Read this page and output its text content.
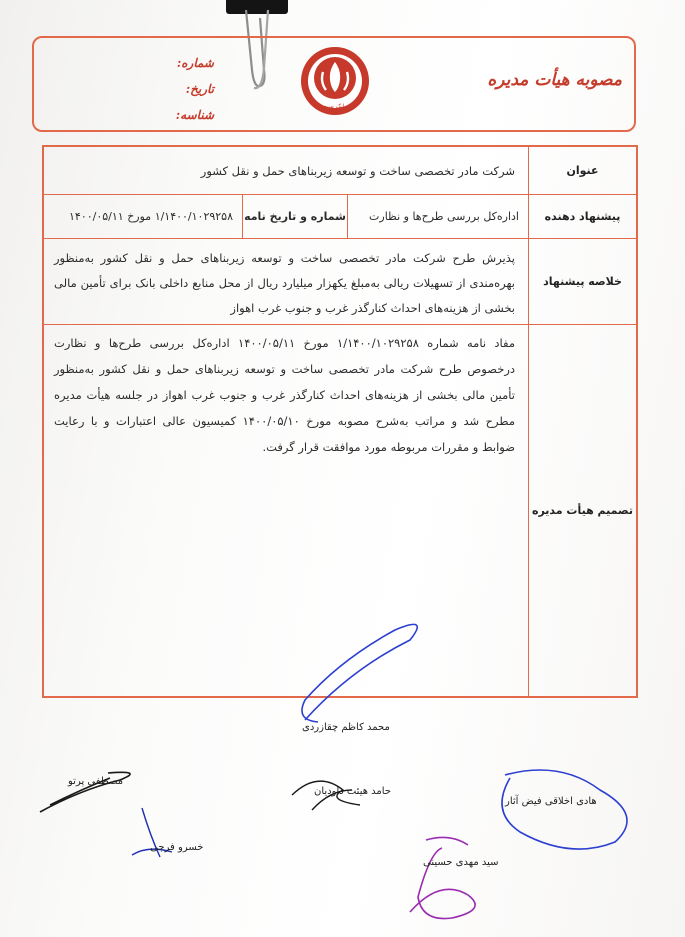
مصوبه هیأت مدیره
بانک سپه
شماره:
تاریخ:
شناسه:
عنوان
شرکت مادر تخصصی ساخت و توسعه زیربناهای حمل و نقل کشور
پیشنهاد دهنده
اداره‌کل بررسی طرح‌ها و نظارت
شماره و تاریخ نامه
۱/۱۴۰۰/۱۰۲۹۲۵۸ مورخ ۱۴۰۰/۰۵/۱۱
خلاصه پیشنهاد
پذیرش طرح شرکت مادر تخصصی ساخت و توسعه زیربناهای حمل و نقل کشور به‌منظور بهره‌مندی از تسهیلات ریالی به‌مبلغ یکهزار میلیارد ریال از محل منابع داخلی بانک برای تأمین مالی بخشی از هزینه‌های احداث کنارگذر غرب و جنوب غرب اهواز
تصمیم هیأت مدیره
مفاد نامه شماره ۱/۱۴۰۰/۱۰۲۹۲۵۸ مورخ ۱۴۰۰/۰۵/۱۱ اداره‌کل بررسی طرح‌ها و نظارت درخصوص طرح شرکت مادر تخصصی ساخت و توسعه زیربناهای حمل و نقل کشور به‌منظور تأمین مالی بخشی از هزینه‌های احداث کنارگذر غرب و جنوب غرب اهواز در جلسه هیأت مدیره مطرح شد و مراتب به‌شرح مصوبه مورخ ۱۴۰۰/۰۵/۱۰ کمیسیون عالی اعتبارات و با رعایت ضوابط و مقررات مربوطه مورد موافقت قرار گرفت.
محمد کاظم چقازردی
مصطفی پرتو
حامد هیئت داودیان
هادی اخلاقی فیض آثار
خسرو فرجی
سید مهدی حسینی
